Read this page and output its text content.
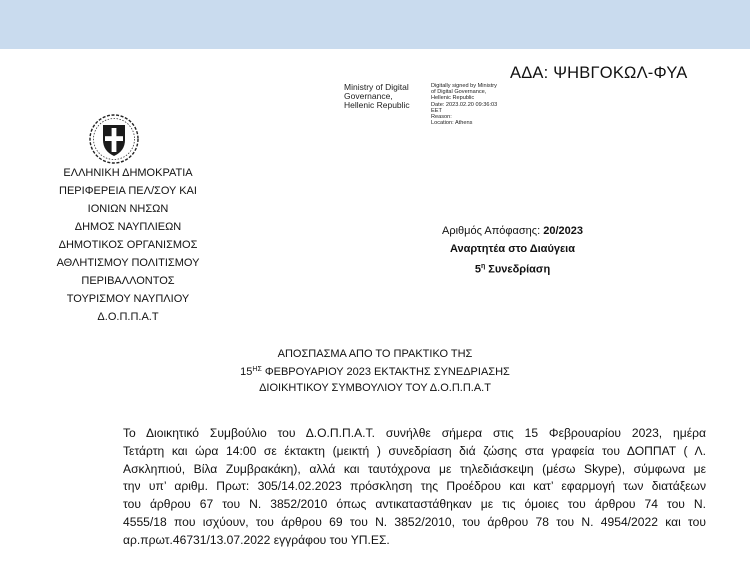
ΑΔΑ: ΨΗΒΓΟΚΩΛ-ΦΥΑ
Ministry of Digital
Governance,
Hellenic Republic
Digitally signed by Ministry
of Digital Governance,
Hellenic Republic
Date: 2023.02.20 09:36:03
EET
Reason:
Location: Athens
ΕΛΛΗΝΙΚΗ ΔΗΜΟΚΡΑΤΙΑ
ΠΕΡΙΦΕΡΕΙΑ ΠΕΛ/ΣΟΥ ΚΑΙ
ΙΟΝΙΩΝ ΝΗΣΩΝ
ΔΗΜΟΣ ΝΑΥΠΛΙΕΩΝ
ΔΗΜΟΤΙΚΟΣ ΟΡΓΑΝΙΣΜΟΣ
ΑΘΛΗΤΙΣΜΟΥ ΠΟΛΙΤΙΣΜΟΥ
ΠΕΡΙΒΑΛΛΟΝΤΟΣ
ΤΟΥΡΙΣΜΟΥ ΝΑΥΠΛΙΟΥ
Δ.Ο.Π.Π.Α.Τ
Αριθμός Απόφασης: 20/2023
Αναρτητέα στο Διαύγεια
$5^\eta$ Συνεδρίαση
ΑΠΟΣΠΑΣΜΑ ΑΠΟ ΤΟ ΠΡΑΚΤΙΚΟ ΤΗΣ
$15^{H\Sigma}$ ΦΕΒΡΟΥΑΡΙΟΥ 2023 ΕΚΤΑΚΤΗΣ ΣΥΝΕΔΡΙΑΣΗΣ
ΔΙΟΙΚΗΤΙΚΟΥ ΣΥΜΒΟΥΛΙΟΥ ΤΟΥ Δ.Ο.Π.Π.Α.Τ
Το Διοικητικό Συμβούλιο του Δ.Ο.Π.Π.Α.Τ. συνήλθε σήμερα στις 15 Φεβρουαρίου 2023, ημέρα
Τετάρτη και ώρα 14:00 σε έκτακτη (μεικτή ) συνεδρίαση διά ζώσης στα γραφεία του ΔΟΠΠΑΤ ( Λ.
Ασκληπιού, Βίλα Ζυμβρακάκη), αλλά και ταυτόχρονα με τηλεδιάσκεψη (μέσω Skype), σύμφωνα με
την υπ’ αριθμ. Πρωτ: 305/14.02.2023 πρόσκληση της Προέδρου και κατ’ εφαρμογή των διατάξεων
του άρθρου 67 του Ν. 3852/2010 όπως αντικαταστάθηκαν με τις όμοιες του άρθρου 74 του Ν.
4555/18 που ισχύουν, του άρθρου 69 του Ν. 3852/2010, του άρθρου 78 του Ν. 4954/2022 και του
αρ.πρωτ.46731/13.07.2022 εγγράφου του ΥΠ.ΕΣ.
